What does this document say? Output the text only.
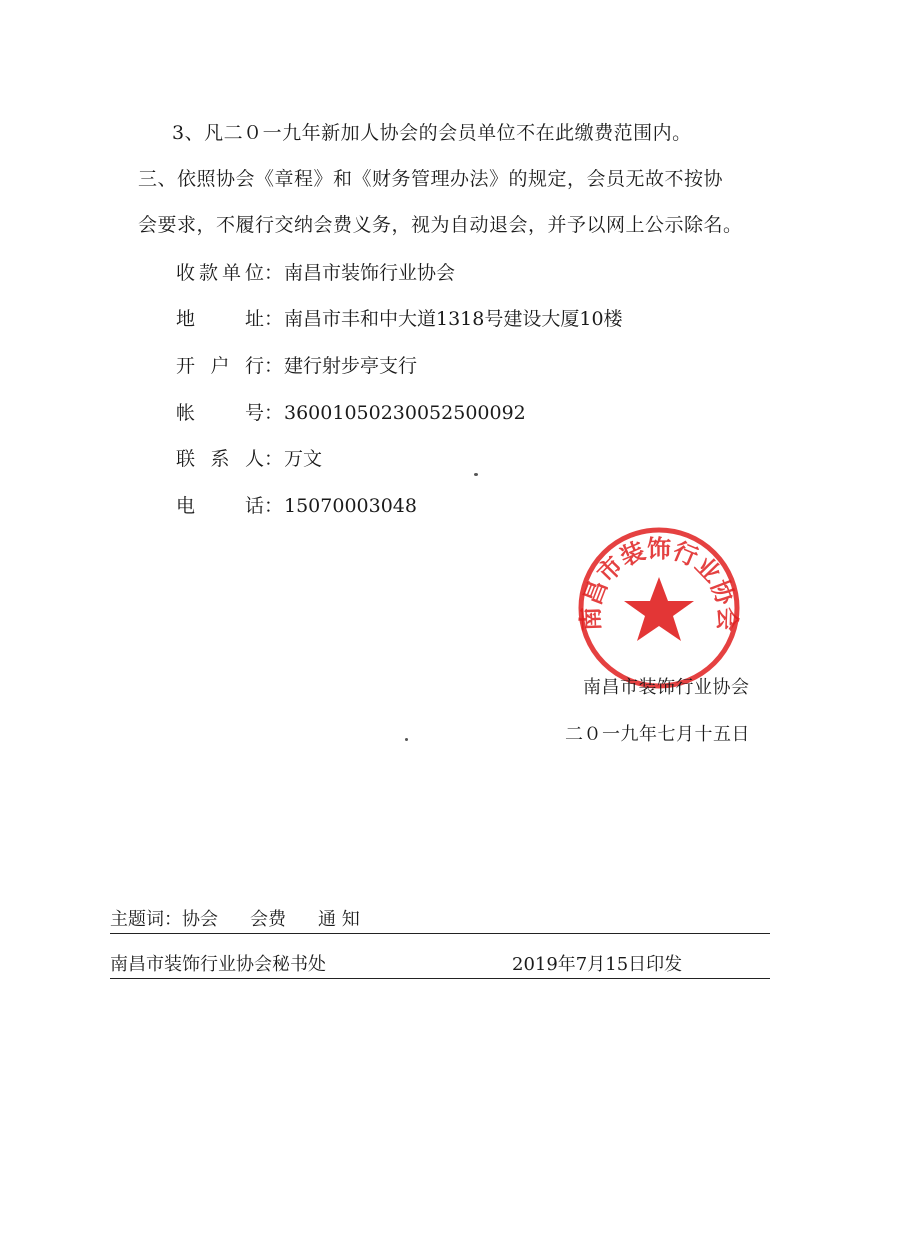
3、凡二０一九年新加人协会的会员单位不在此缴费范围内。
三、依照协会《章程》和《财务管理办法》的规定，会员无故不按协
会要求，不履行交纳会费义务，视为自动退会，并予以网上公示除名。
收款单位：南昌市装饰行业协会
地址：南昌市丰和中大道1318号建设大厦10楼
开户行：建行射步亭支行
帐号：36001050230052500092
联系人：万文
电话：15070003048
南昌市装饰行业协会
南昌市装饰行业协会
二０一九年七月十五日
主题词：协会 会费 通 知
南昌市装饰行业协会秘书处	2019年7月15日印发
